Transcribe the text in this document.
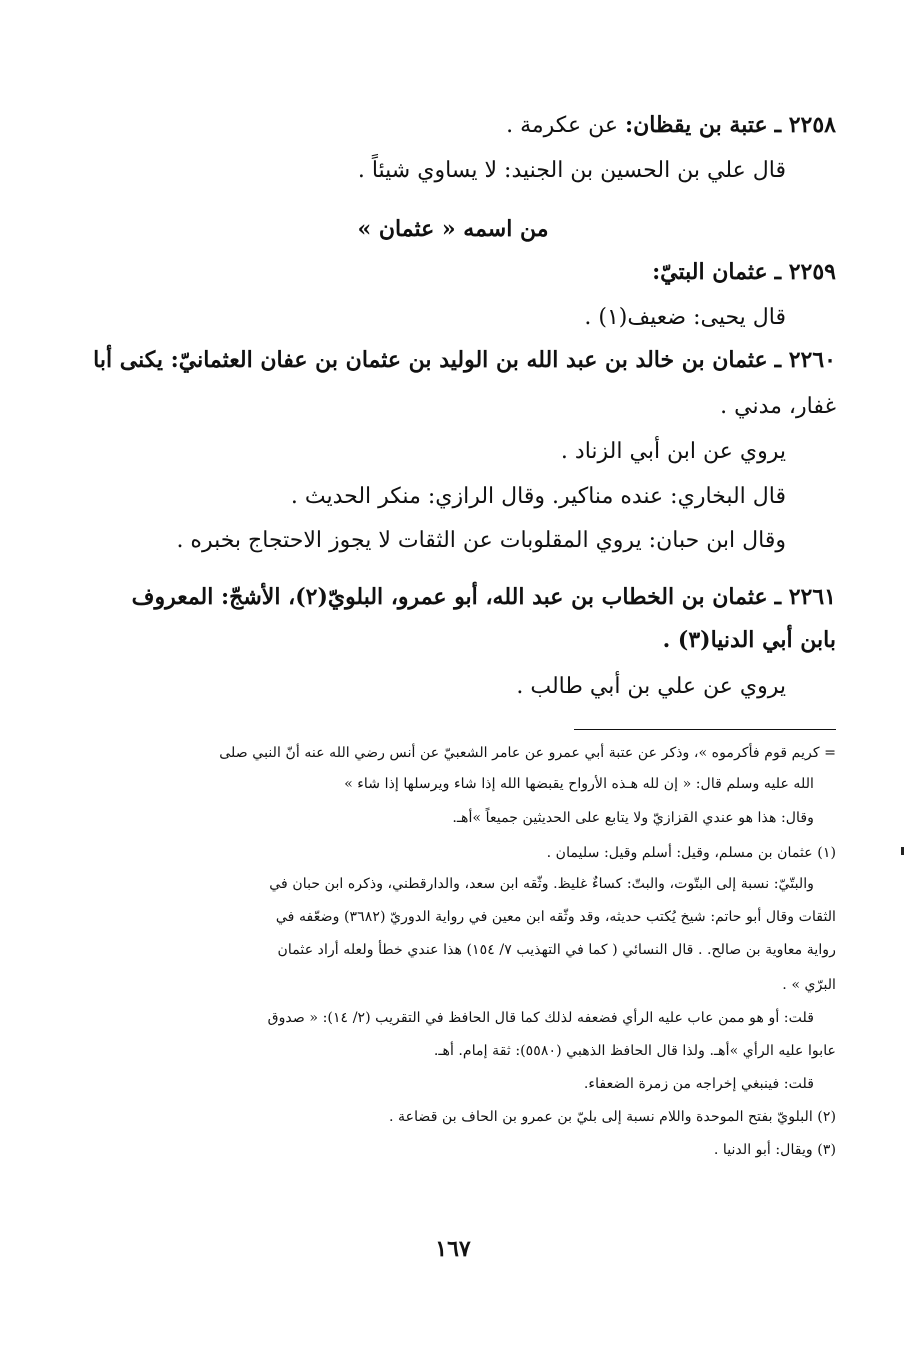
٢٢٥٨ ـ عتبة بن يقظان: عن عكرمة .
قال علي بن الحسين بن الجنيد: لا يساوي شيئاً .
من اسمه « عثمان »
٢٢٥٩ ـ عثمان البتيّ:
قال يحيى: ضعيف(١) .
٢٢٦٠ ـ عثمان بن خالد بن عبد الله بن الوليد بن عثمان بن عفان العثمانيّ: يكنى أبا
غفار، مدني .
يروي عن ابن أبي الزناد .
قال البخاري: عنده مناكير. وقال الرازي: منكر الحديث .
وقال ابن حبان: يروي المقلوبات عن الثقات لا يجوز الاحتجاج بخبره .
٢٢٦١ ـ عثمان بن الخطاب بن عبد الله، أبو عمرو، البلويّ(٢)، الأشجّ: المعروف
بابن أبي الدنيا(٣) .
يروي عن علي بن أبي طالب .
= كريم قوم فأكرموه »، وذكر عن عتبة أبي عمرو عن عامر الشعبيّ عن أنس رضي الله عنه أنّ النبي صلى
الله عليه وسلم قال: « إن لله هـذه الأرواح يقبضها الله إذا شاء ويرسلها إذا شاء »
وقال: هذا هو عندي القزازيّ ولا يتابع على الحديثين جميعاً »أهـ.
(١) عثمان بن مسلم، وقيل: أسلم وقيل: سليمان .
والبتّيّ: نسبة إلى البتّوت، والبتّ: كساءٌ غليظ. وثّقه ابن سعد، والدارقطني، وذكره ابن حبان في
الثقات وقال أبو حاتم: شيخ يُكتب حديثه، وقد وثّقه ابن معين في رواية الدوريّ (٣٦٨٢) وضعّفه في
رواية معاوية بن صالح. . قال النسائي ( كما في التهذيب ٧/ ١٥٤) هذا عندي خطأ ولعله أراد عثمان
البرّي » .
قلت: أو هو ممن عاب عليه الرأي فضعفه لذلك كما قال الحافظ في التقريب (٢/ ١٤): « صدوق
عابوا عليه الرأي »أهـ. ولذا قال الحافظ الذهبي (٥٥٨٠): ثقة إمام. أهـ.
قلت: فينبغي إخراجه من زمرة الضعفاء.
(٢) البلويّ بفتح الموحدة واللام نسبة إلى بليّ بن عمرو بن الحاف بن قضاعة .
(٣) ويقال: أبو الدنيا .
١٦٧
